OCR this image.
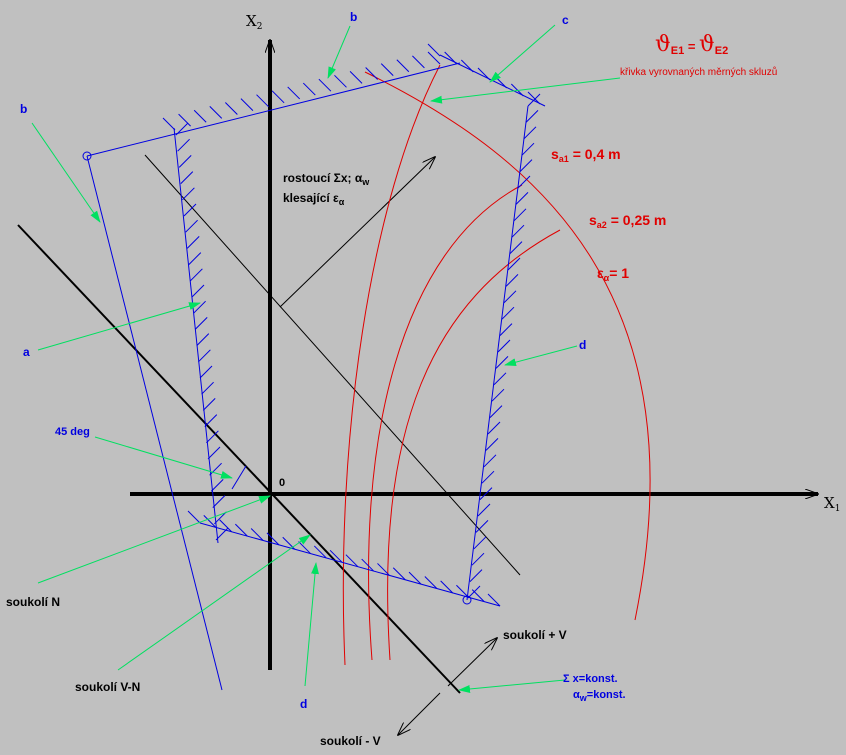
$X_2$
$X_1$
0
b
b
c
a
45 deg
d
d
rostoucí Σx; $\alpha_w$
klesající $\varepsilon_\alpha$
soukolí N
soukolí V-N
soukolí + V
soukolí - V
Σ x=konst.
$\alpha_w=konst$.
$ϑ_{E1} = ϑ_{E2}$
křivka vyrovnaných měrných skluzů
$s_{a1} = 0,4$ m
$s_{a2} = 0,25$ m
$\varepsilon_\alpha= 1$
